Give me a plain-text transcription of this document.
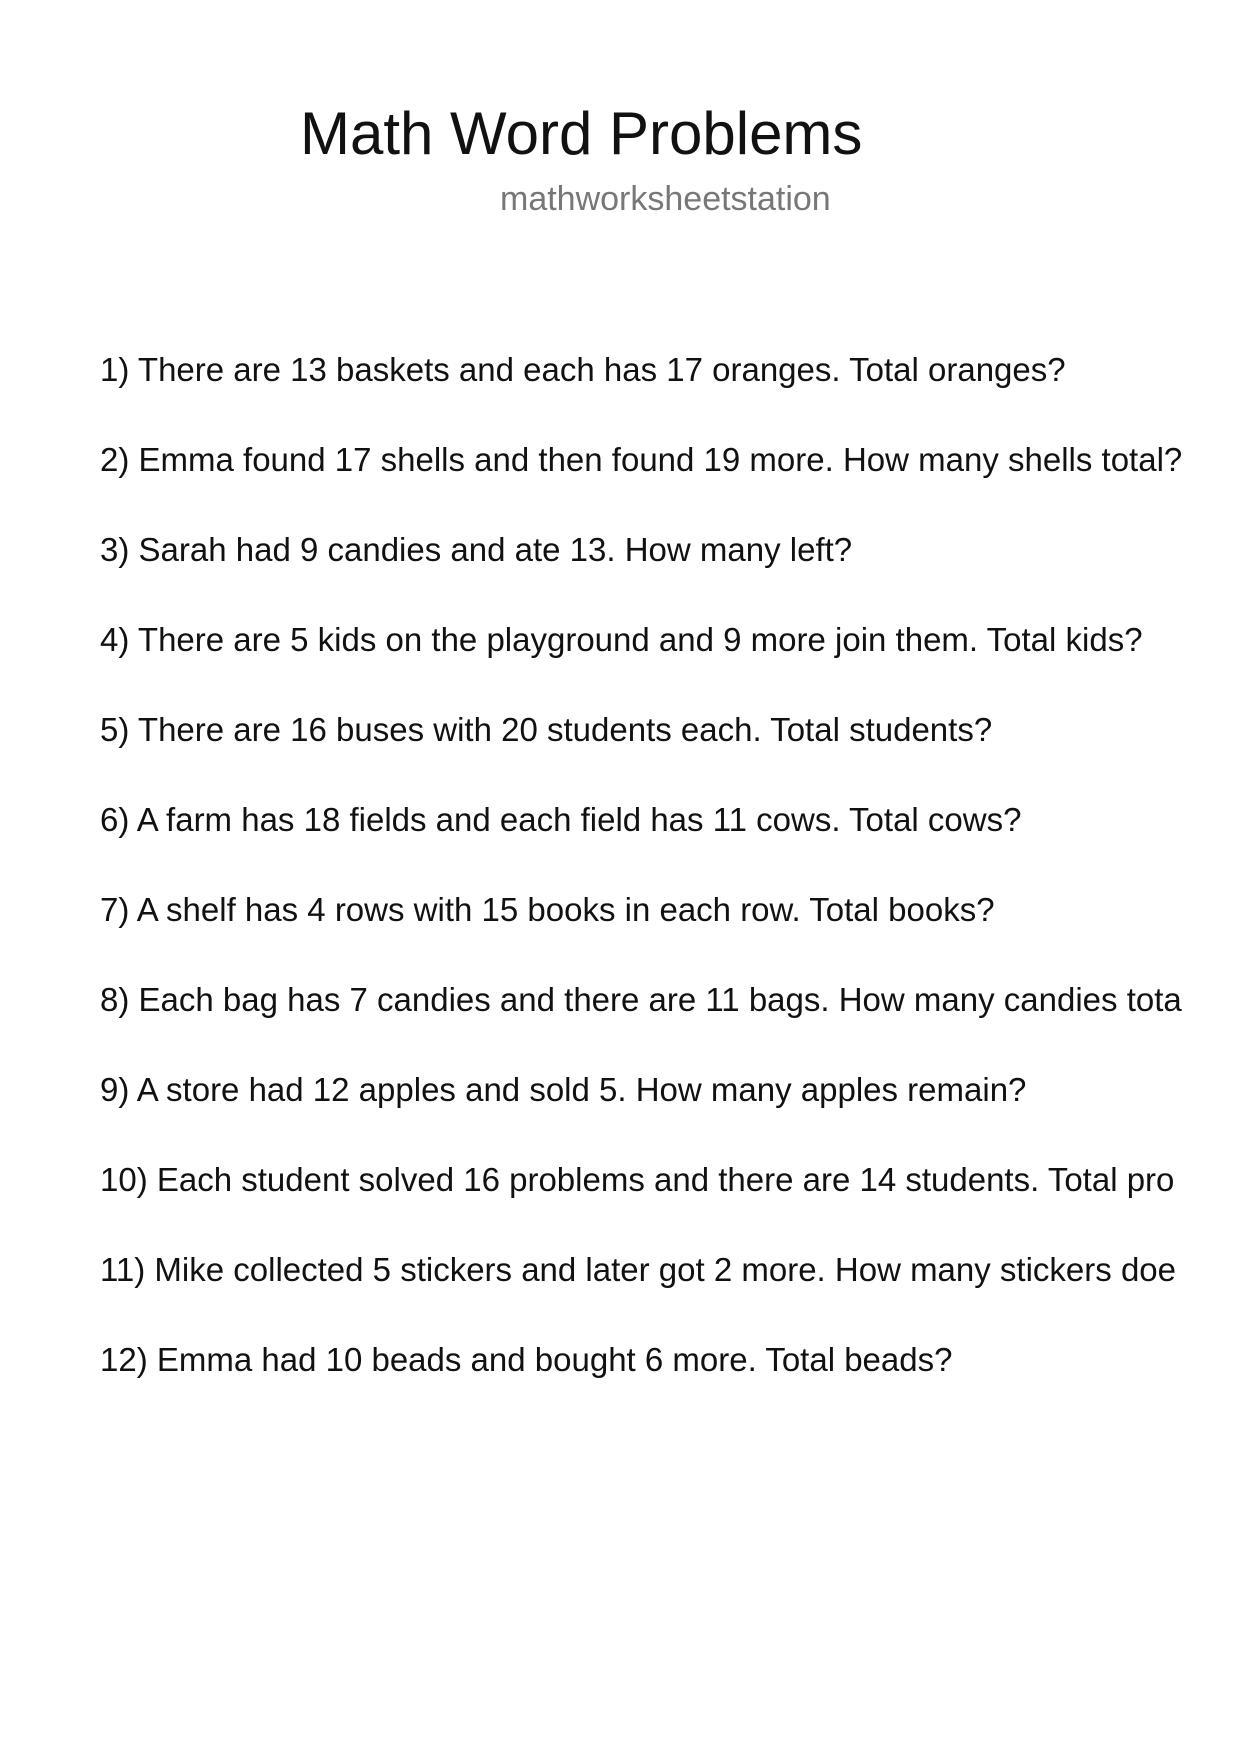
Math Word Problems
mathworksheetstation
1) There are 13 baskets and each has 17 oranges. Total oranges?
2) Emma found 17 shells and then found 19 more. How many shells total?
3) Sarah had 9 candies and ate 13. How many left?
4) There are 5 kids on the playground and 9 more join them. Total kids?
5) There are 16 buses with 20 students each. Total students?
6) A farm has 18 fields and each field has 11 cows. Total cows?
7) A shelf has 4 rows with 15 books in each row. Total books?
8) Each bag has 7 candies and there are 11 bags. How many candies tota
9) A store had 12 apples and sold 5. How many apples remain?
10) Each student solved 16 problems and there are 14 students. Total pro
11) Mike collected 5 stickers and later got 2 more. How many stickers doe
12) Emma had 10 beads and bought 6 more. Total beads?
